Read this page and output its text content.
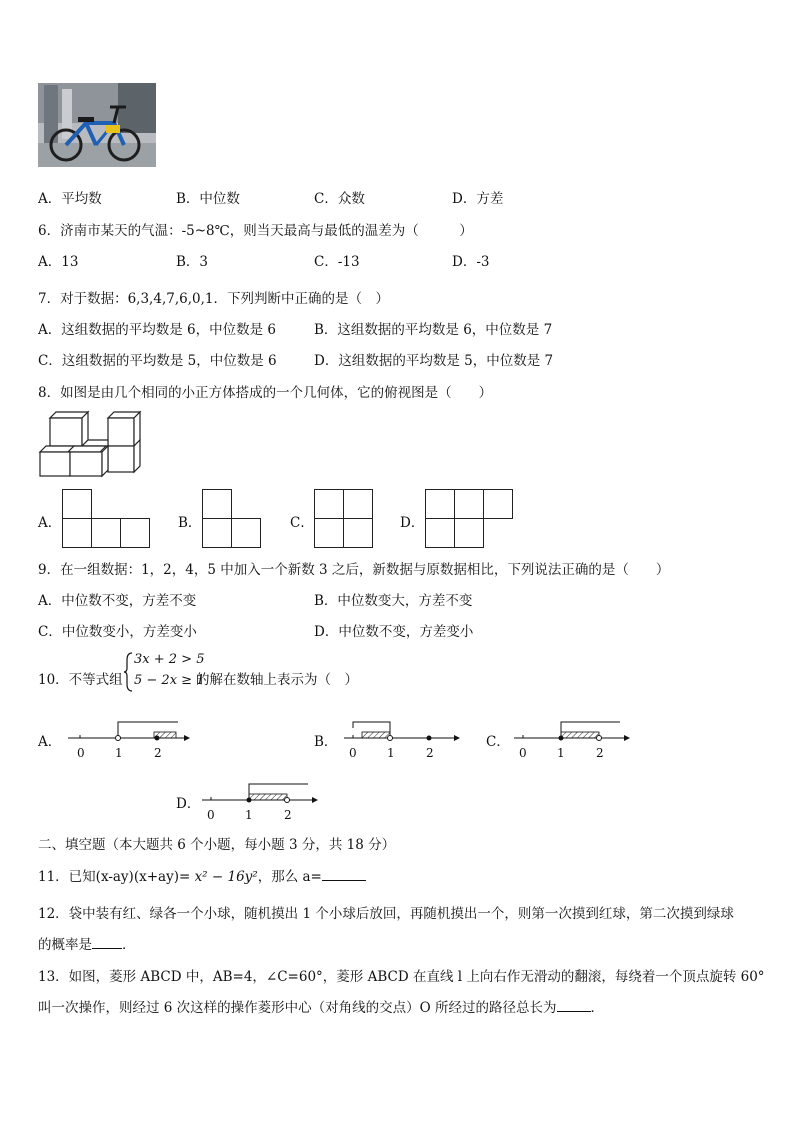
A．平均数	B．中位数	C．众数	D．方差
6．济南市某天的气温：-5~8℃，则当天最高与最低的温差为（　　　）
A．13	B．3	C．-13	D．-3
7．对于数据：6,3,4,7,6,0,1．下列判断中正确的是（　）
A．这组数据的平均数是 6，中位数是 6	B．这组数据的平均数是 6，中位数是 7
C．这组数据的平均数是 5，中位数是 6	D．这组数据的平均数是 5，中位数是 7
8．如图是由几个相同的小正方体搭成的一个几何体，它的俯视图是（　　）
A．	B．	C．	D．
9．在一组数据：1，2，4，5 中加入一个新数 3 之后，新数据与原数据相比，下列说法正确的是（　　）
A．中位数不变，方差不变	B．中位数变大，方差不变
C．中位数变小，方差变小	D．中位数不变，方差变小
10．不等式组
3x + 2 > 5
5 − 2x ≥ 1
的解在数轴上表示为（　）
A．
0	1	2
B．
0	1	2
C．
0	1	2
D．
0	1	2
二、填空题（本大题共 6 个小题，每小题 3 分，共 18 分）
11．已知(x-ay)(x+ay)= x² − 16y²，那么 a=
12．袋中装有红、绿各一个小球，随机摸出 1 个小球后放回，再随机摸出一个，则第一次摸到红球，第二次摸到绿球
的概率是 ．
13．如图，菱形 ABCD 中，AB=4，∠C=60°，菱形 ABCD 在直线 l 上向右作无滑动的翻滚，每绕着一个顶点旋转 60°
叫一次操作，则经过 6 次这样的操作菱形中心（对角线的交点）O 所经过的路径总长为	．
